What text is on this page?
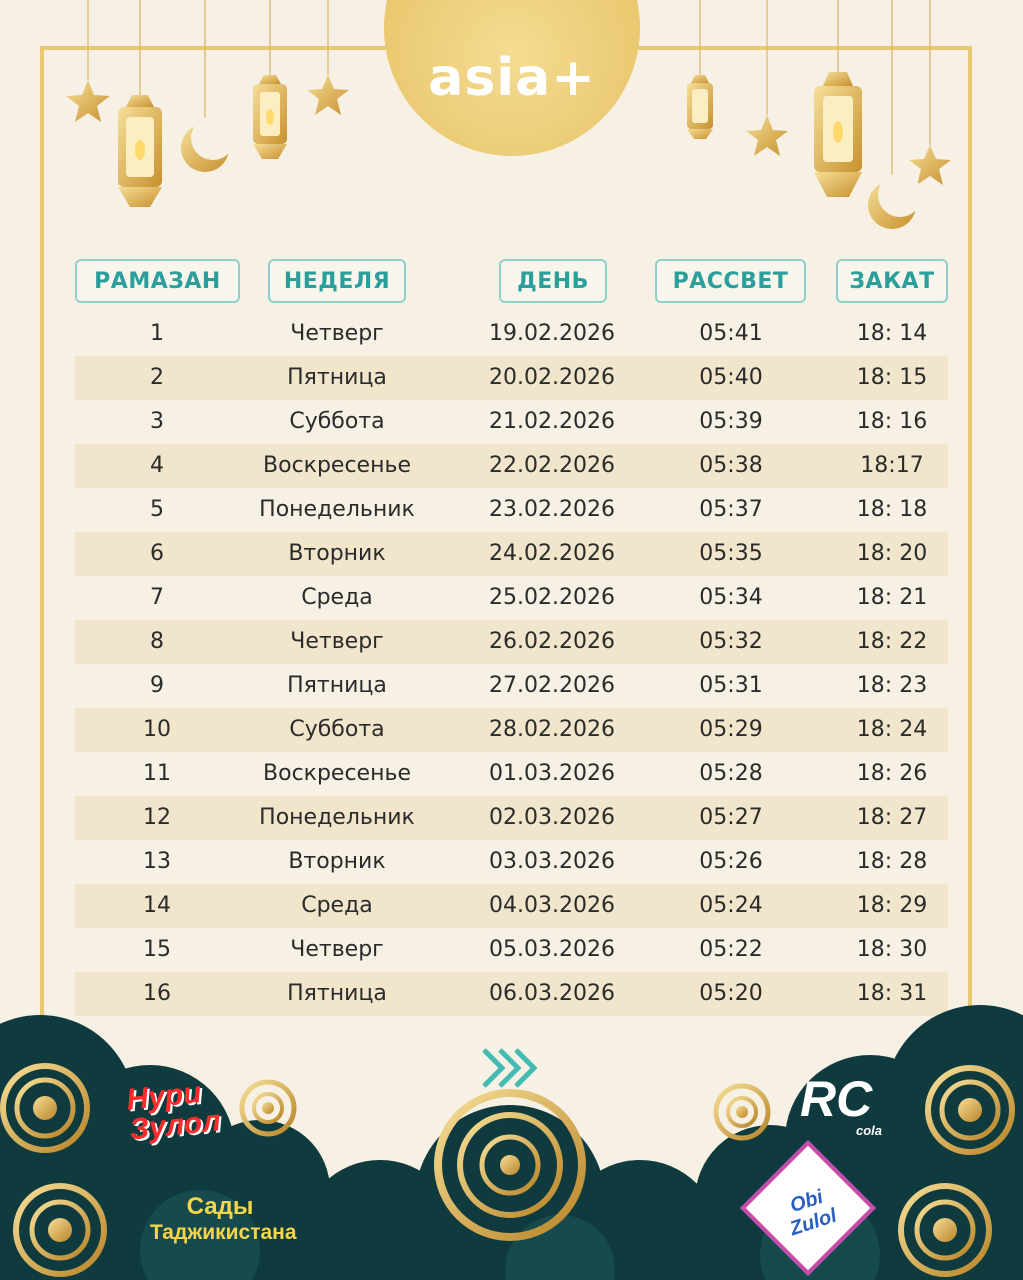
asia+
РАМАЗАН	НЕДЕЛЯ	ДЕНЬ	РАССВЕТ	ЗАКАТ
1	Четверг	19.02.2026	05:41	18: 14
2	Пятница	20.02.2026	05:40	18: 15
3	Суббота	21.02.2026	05:39	18: 16
4	Воскресенье	22.02.2026	05:38	18:17
5	Понедельник	23.02.2026	05:37	18: 18
6	Вторник	24.02.2026	05:35	18: 20
7	Среда	25.02.2026	05:34	18: 21
8	Четверг	26.02.2026	05:32	18: 22
9	Пятница	27.02.2026	05:31	18: 23
10	Суббота	28.02.2026	05:29	18: 24
11	Воскресенье	01.03.2026	05:28	18: 26
12	Понедельник	02.03.2026	05:27	18: 27
13	Вторник	03.03.2026	05:26	18: 28
14	Среда	04.03.2026	05:24	18: 29
15	Четверг	05.03.2026	05:22	18: 30
16	Пятница	06.03.2026	05:20	18: 31
Нури Зулол
Сады
Таджикистана
RC
cola
Obi Zulol
